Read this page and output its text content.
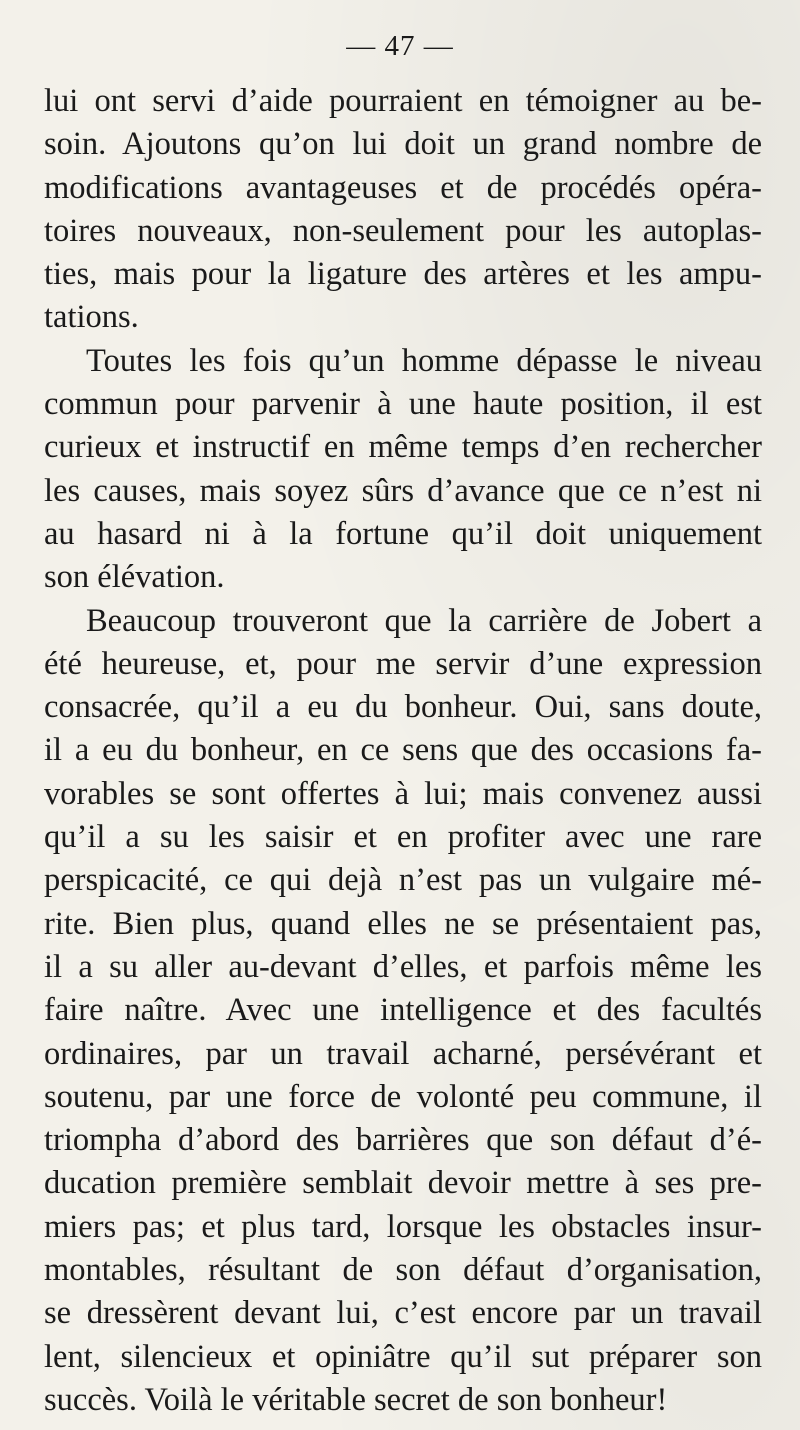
— 47 —
lui ont servi d’aide pourraient en témoigner au be-
soin. Ajoutons qu’on lui doit un grand nombre de
modifications avantageuses et de procédés opéra-
toires nouveaux, non-seulement pour les autoplas-
ties, mais pour la ligature des artères et les ampu-
tations.
Toutes les fois qu’un homme dépasse le niveau
commun pour parvenir à une haute position, il est
curieux et instructif en même temps d’en rechercher
les causes, mais soyez sûrs d’avance que ce n’est ni
au hasard ni à la fortune qu’il doit uniquement
son élévation.
Beaucoup trouveront que la carrière de Jobert a
été heureuse, et, pour me servir d’une expression
consacrée, qu’il a eu du bonheur. Oui, sans doute,
il a eu du bonheur, en ce sens que des occasions fa-
vorables se sont offertes à lui; mais convenez aussi
qu’il a su les saisir et en profiter avec une rare
perspicacité, ce qui dejà n’est pas un vulgaire mé-
rite. Bien plus, quand elles ne se présentaient pas,
il a su aller au-devant d’elles, et parfois même les
faire naître. Avec une intelligence et des facultés
ordinaires, par un travail acharné, persévérant et
soutenu, par une force de volonté peu commune, il
triompha d’abord des barrières que son défaut d’é-
ducation première semblait devoir mettre à ses pre-
miers pas; et plus tard, lorsque les obstacles insur-
montables, résultant de son défaut d’organisation,
se dressèrent devant lui, c’est encore par un travail
lent, silencieux et opiniâtre qu’il sut préparer son
succès. Voilà le véritable secret de son bonheur!
